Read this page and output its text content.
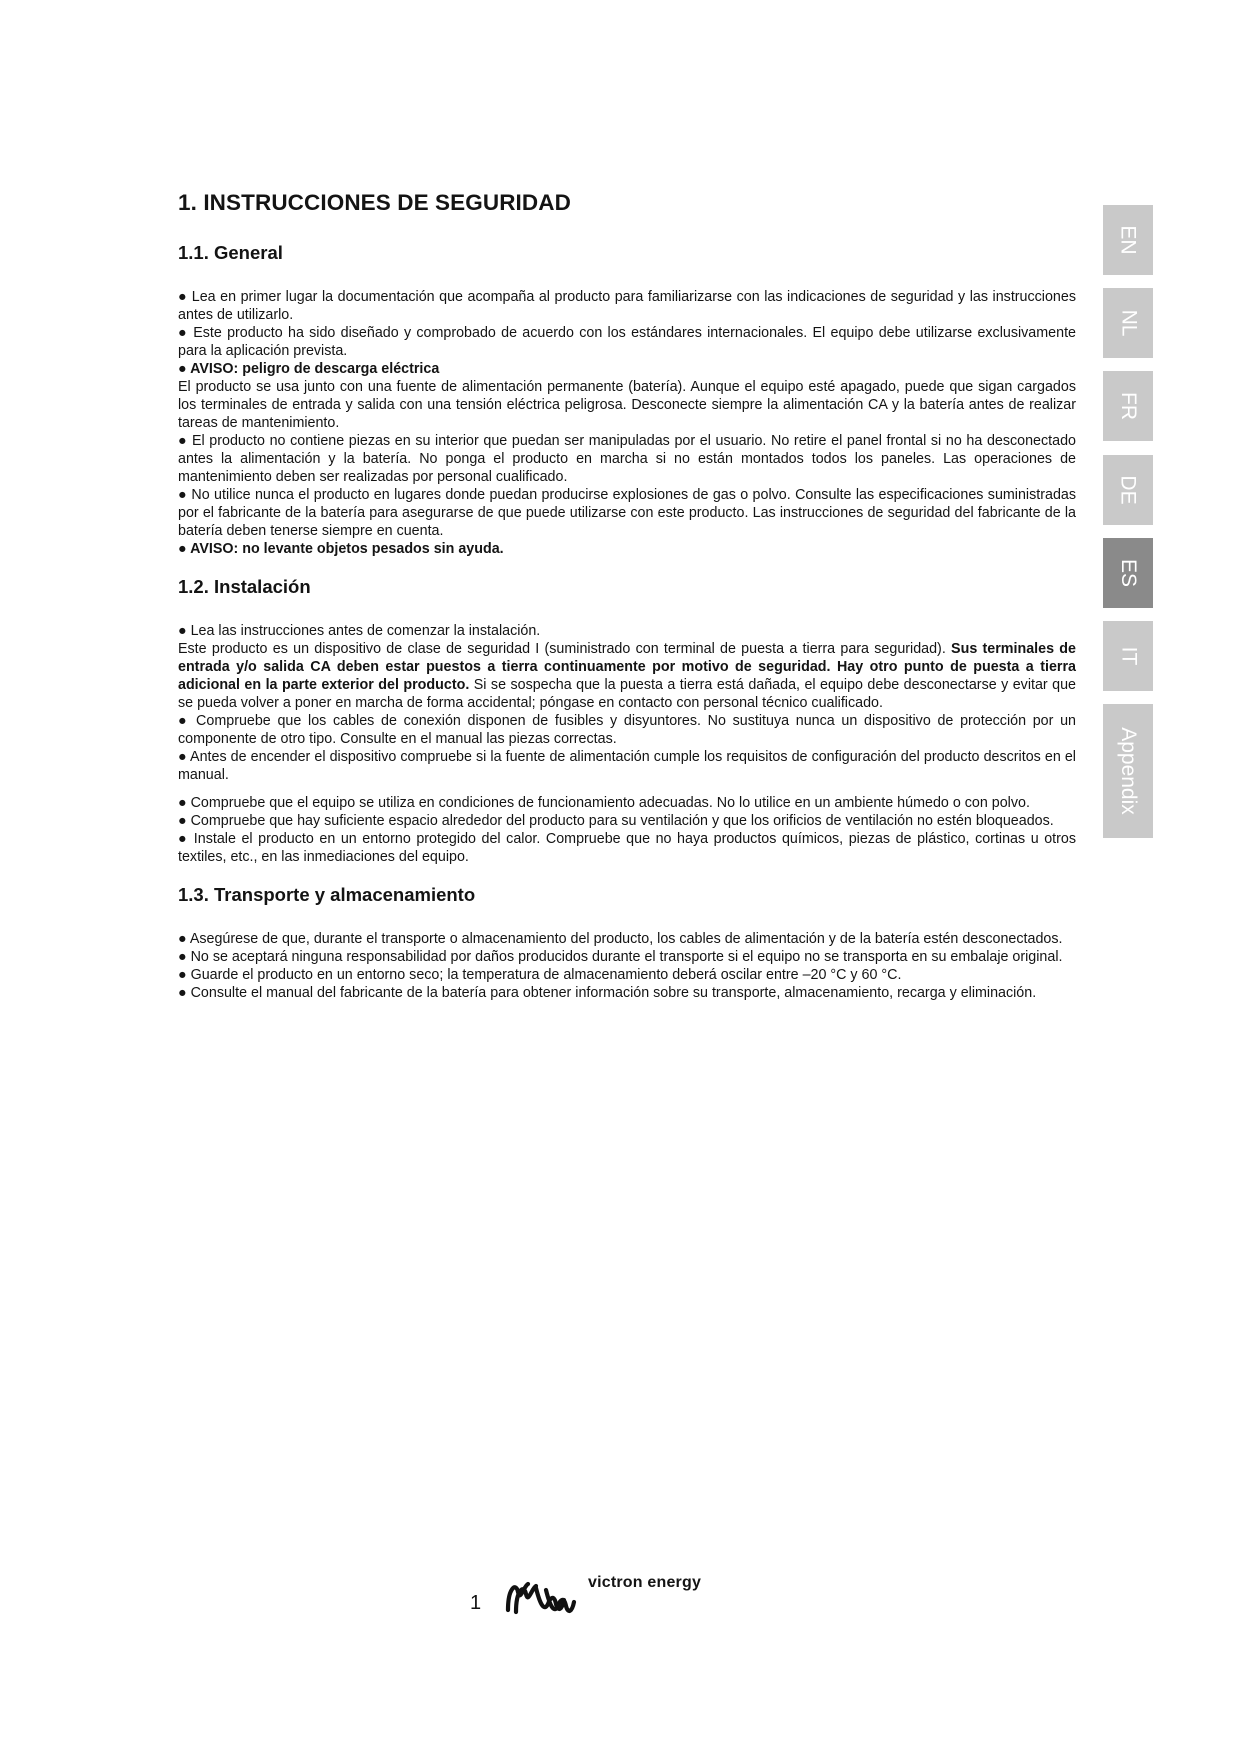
1. INSTRUCCIONES DE SEGURIDAD
1.1. General

● Lea en primer lugar la documentación que acompaña al producto para familiarizarse con las indicaciones de seguridad y las instrucciones antes de utilizarlo.

● Este producto ha sido diseñado y comprobado de acuerdo con los estándares internacionales. El equipo debe utilizarse exclusivamente para la aplicación prevista.

● AVISO: peligro de descarga eléctrica

El producto se usa junto con una fuente de alimentación permanente (batería). Aunque el equipo esté apagado, puede que sigan cargados los terminales de entrada y salida con una tensión eléctrica peligrosa. Desconecte siempre la alimentación CA y la batería antes de realizar tareas de mantenimiento.

● El producto no contiene piezas en su interior que puedan ser manipuladas por el usuario. No retire el panel frontal si no ha desconectado antes la alimentación y la batería. No ponga el producto en marcha si no están montados todos los paneles. Las operaciones de mantenimiento deben ser realizadas por personal cualificado.

● No utilice nunca el producto en lugares donde puedan producirse explosiones de gas o polvo. Consulte las especificaciones suministradas por el fabricante de la batería para asegurarse de que puede utilizarse con este producto. Las instrucciones de seguridad del fabricante de la batería deben tenerse siempre en cuenta.

● AVISO: no levante objetos pesados sin ayuda.

1.2. Instalación

● Lea las instrucciones antes de comenzar la instalación.

Este producto es un dispositivo de clase de seguridad I (suministrado con terminal de puesta a tierra para seguridad). Sus terminales de entrada y/o salida CA deben estar puestos a tierra continuamente por motivo de seguridad. Hay otro punto de puesta a tierra adicional en la parte exterior del producto. Si se sospecha que la puesta a tierra está dañada, el equipo debe desconectarse y evitar que se pueda volver a poner en marcha de forma accidental; póngase en contacto con personal técnico cualificado.

● Compruebe que los cables de conexión disponen de fusibles y disyuntores. No sustituya nunca un dispositivo de protección por un componente de otro tipo. Consulte en el manual las piezas correctas.

● Antes de encender el dispositivo compruebe si la fuente de alimentación cumple los requisitos de configuración del producto descritos en el manual.

● Compruebe que el equipo se utiliza en condiciones de funcionamiento adecuadas. No lo utilice en un ambiente húmedo o con polvo.

● Compruebe que hay suficiente espacio alrededor del producto para su ventilación y que los orificios de ventilación no estén bloqueados.

● Instale el producto en un entorno protegido del calor. Compruebe que no haya productos químicos, piezas de plástico, cortinas u otros textiles, etc., en las inmediaciones del equipo.

1.3. Transporte y almacenamiento

● Asegúrese de que, durante el transporte o almacenamiento del producto, los cables de alimentación y de la batería estén desconectados.

● No se aceptará ninguna responsabilidad por daños producidos durante el transporte si el equipo no se transporta en su embalaje original.

● Guarde el producto en un entorno seco; la temperatura de almacenamiento deberá oscilar entre –20 °C y 60 °C.

● Consulte el manual del fabricante de la batería para obtener información sobre su transporte, almacenamiento, recarga y eliminación.

EN
NL
FR
DE
ES
IT
Appendix
1
victron energy
